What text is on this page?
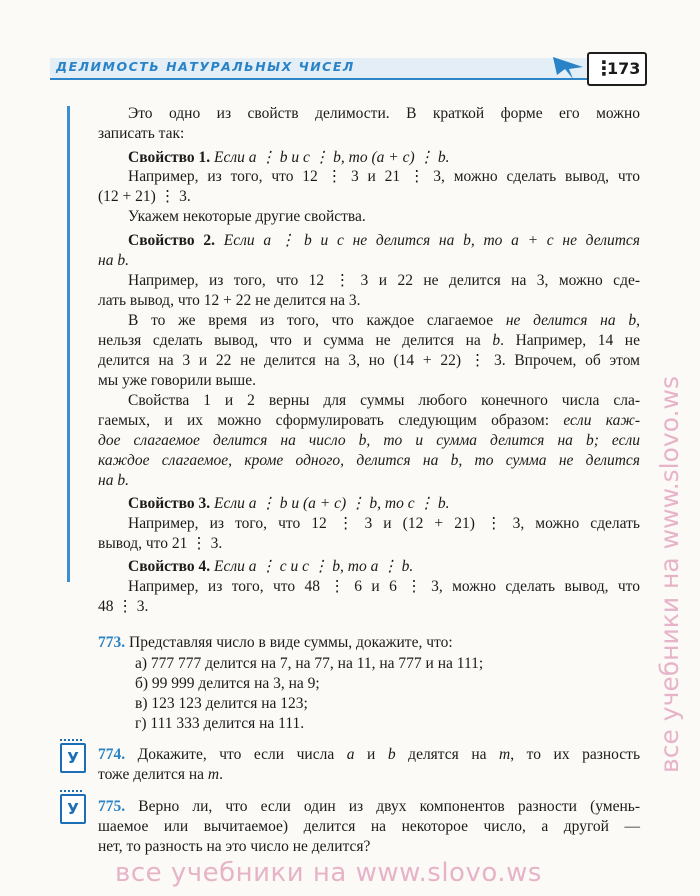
ДЕЛИМОСТЬ НАТУРАЛЬНЫХ ЧИСЕЛ	⋮
173
Это одно из свойств делимости. В краткой форме его можно
записать так:
Свойство 1. Если a ⋮ b и c ⋮ b, то (a + c) ⋮ b.
Например, из того, что 12 ⋮ 3 и 21 ⋮ 3, можно сделать вывод, что
(12 + 21) ⋮ 3.
Укажем некоторые другие свойства.
Свойство 2. Если a ⋮ b и c не делится на b, то a + c не делится
на b.
Например, из того, что 12 ⋮ 3 и 22 не делится на 3, можно сде-
лать вывод, что 12 + 22 не делится на 3.
В то же время из того, что каждое слагаемое не делится на b,
нельзя сделать вывод, что и сумма не делится на b. Например, 14 не
делится на 3 и 22 не делится на 3, но (14 + 22) ⋮ 3. Впрочем, об этом
мы уже говорили выше.
Свойства 1 и 2 верны для суммы любого конечного числа сла-
гаемых, и их можно сформулировать следующим образом: если каж-
дое слагаемое делится на число b, то и сумма делится на b; если
каждое слагаемое, кроме одного, делится на b, то сумма не делится
на b.
Свойство 3. Если a ⋮ b и (a + c) ⋮ b, то c ⋮ b.
Например, из того, что 12 ⋮ 3 и (12 + 21) ⋮ 3, можно сделать
вывод, что 21 ⋮ 3.
Свойство 4. Если a ⋮ c и c ⋮ b, то a ⋮ b.
Например, из того, что 48 ⋮ 6 и 6 ⋮ 3, можно сделать вывод, что
48 ⋮ 3.
773. Представляя число в виде суммы, докажите, что:
а) 777 777 делится на 7, на 77, на 11, на 777 и на 111;
б) 99 999 делится на 3, на 9;
в) 123 123 делится на 123;
г) 111 333 делится на 111.
У	774. Докажите, что если числа a и b делятся на m, то их разность
тоже делится на m.
У	775. Верно ли, что если один из двух компонентов разности (умень-
шаемое или вычитаемое) делится на некоторое число, а другой —
нет, то разность на это число не делится?
все учебники на www.slovo.ws
все учебники на www.slovo.ws
